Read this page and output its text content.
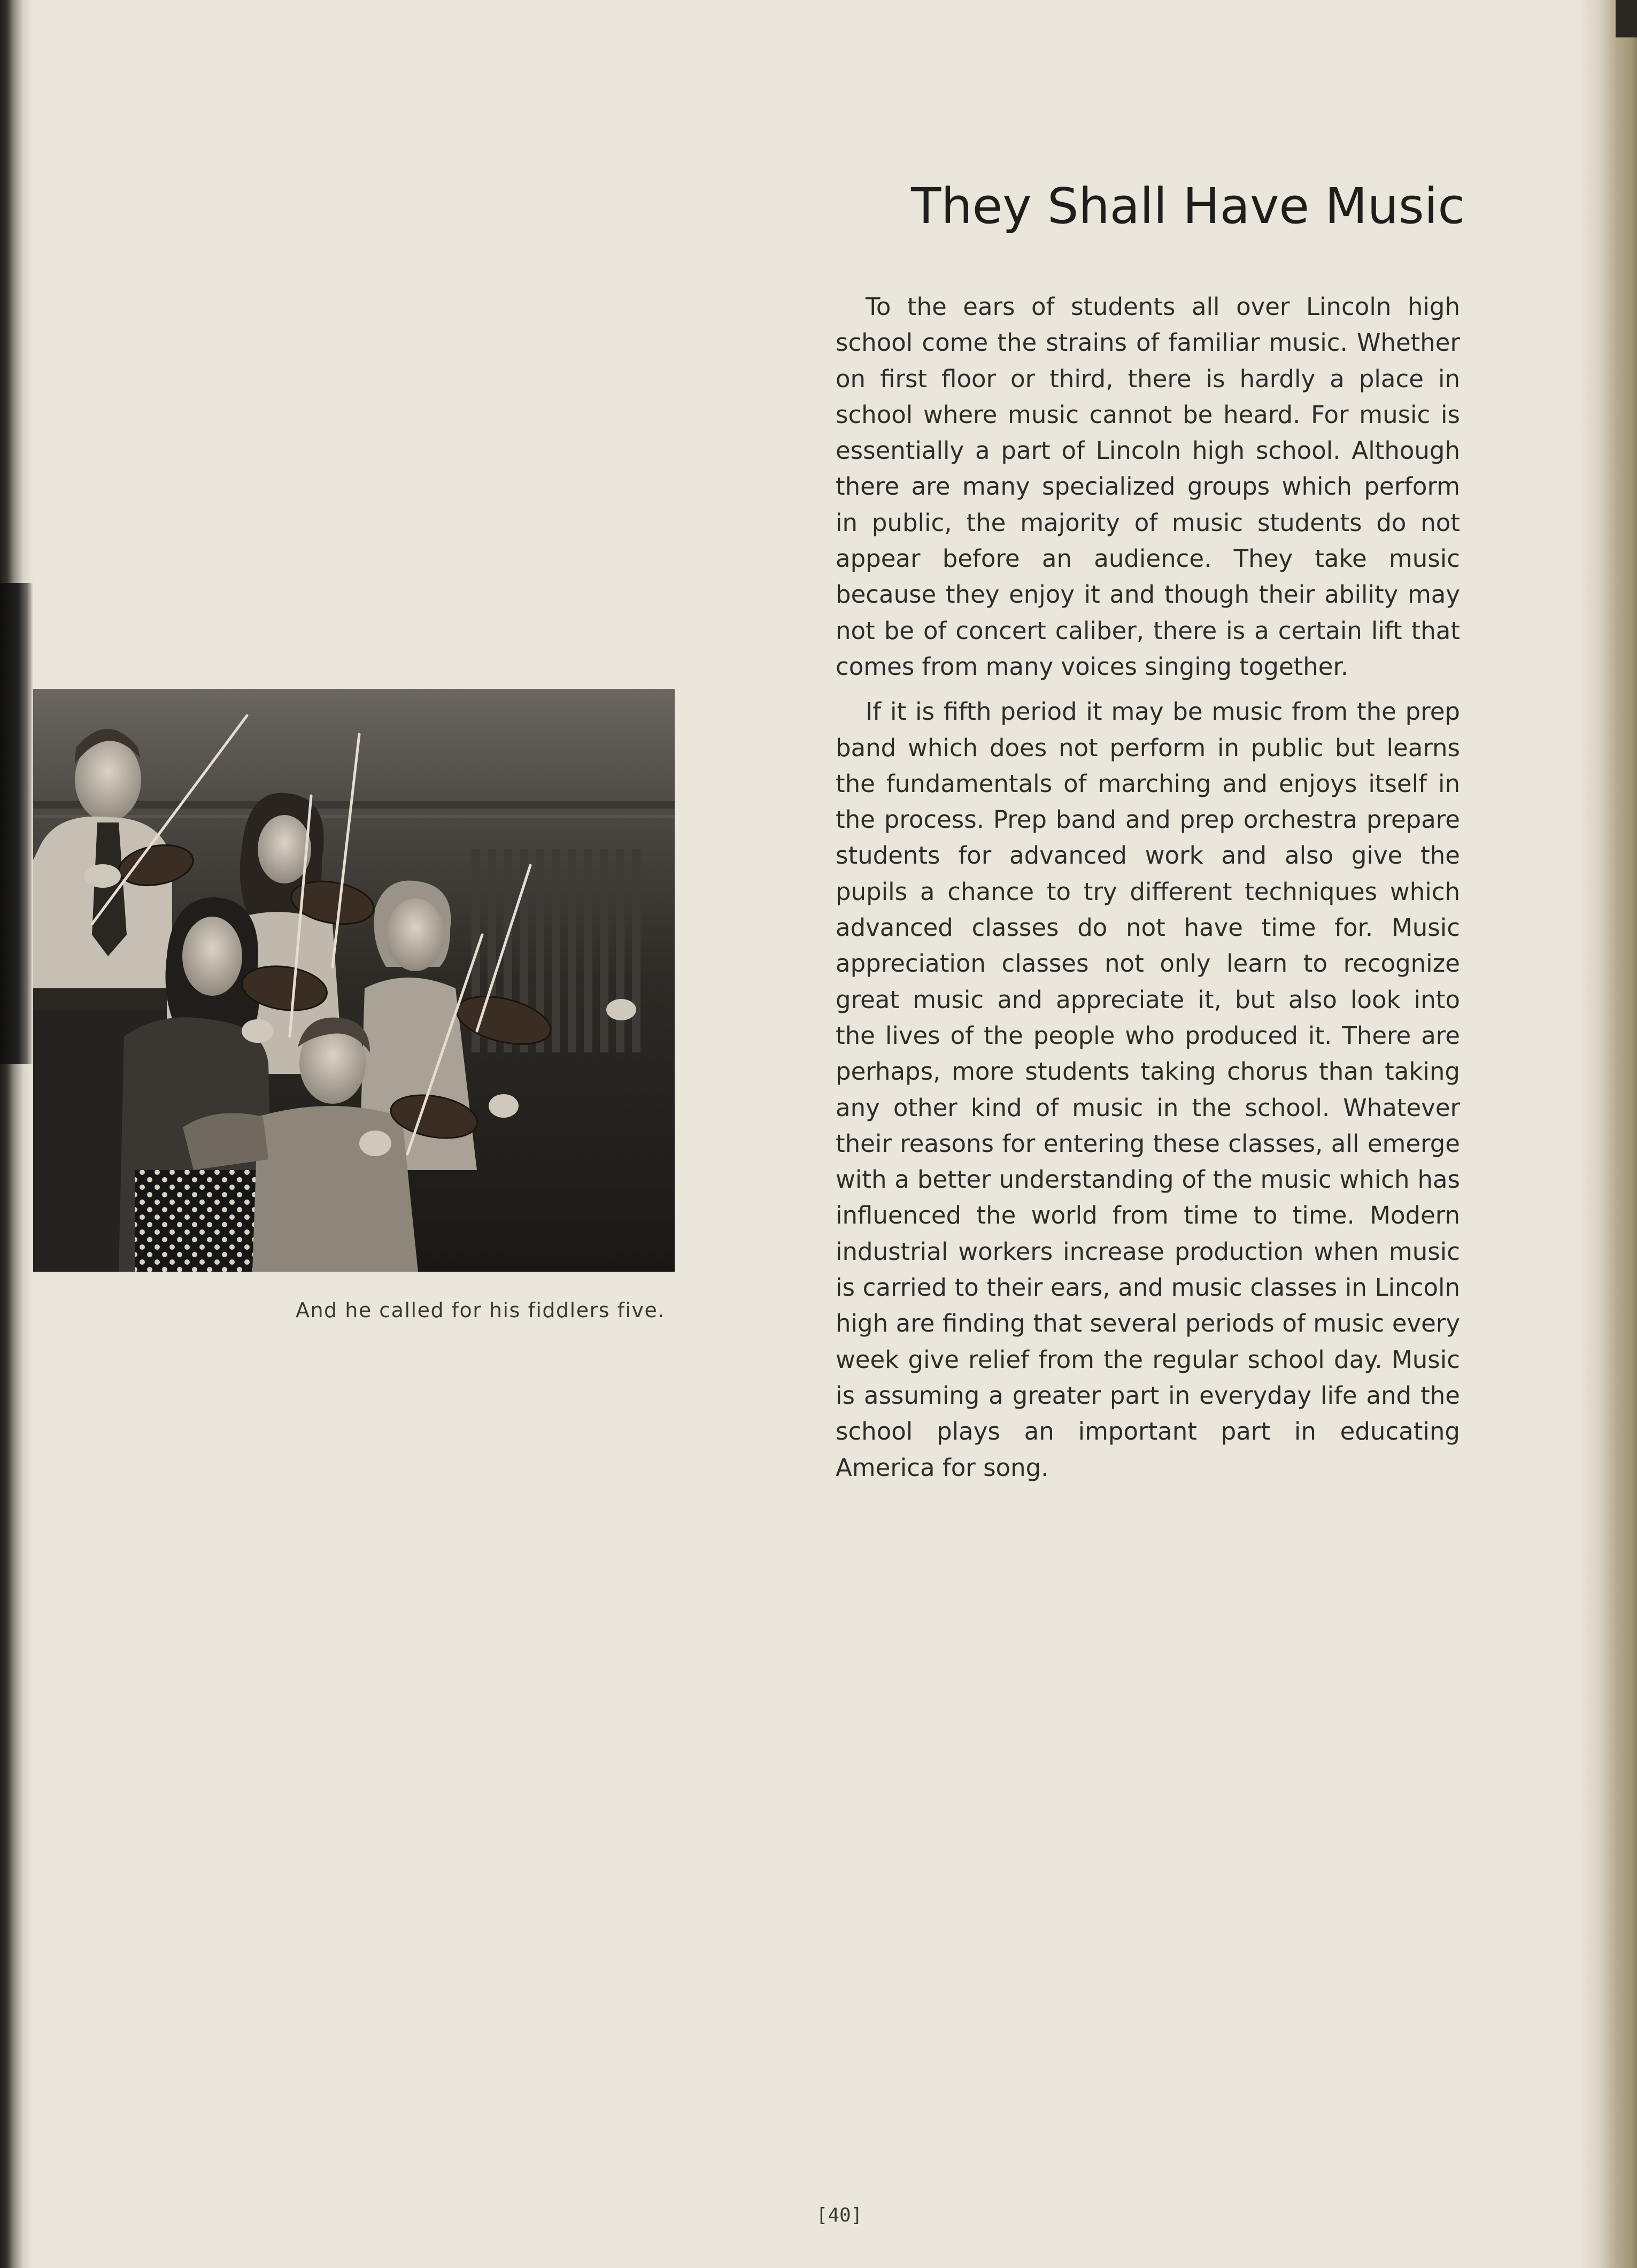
And he called for his fiddlers five.
They Shall Have Music

To the ears of students all over Lincoln high school come the strains of familiar music. Whether on first floor or third, there is hardly a place in school where music cannot be heard. For music is essentially a part of Lincoln high school. Although there are many specialized groups which perform in public, the majority of music students do not appear before an audience. They take music because they enjoy it and though their ability may not be of concert caliber, there is a certain lift that comes from many voices singing together.

If it is fifth period it may be music from the prep band which does not perform in public but learns the fundamentals of marching and enjoys itself in the process. Prep band and prep orchestra prepare students for advanced work and also give the pupils a chance to try different techniques which advanced classes do not have time for. Music appreciation classes not only learn to recognize great music and appreciate it, but also look into the lives of the people who produced it. There are perhaps, more students taking chorus than taking any other kind of music in the school. Whatever their reasons for entering these classes, all emerge with a better understanding of the music which has influenced the world from time to time. Modern industrial workers increase production when music is carried to their ears, and music classes in Lincoln high are finding that several periods of music every week give relief from the regular school day. Music is assuming a greater part in everyday life and the school plays an important part in educating America for song.

[40]
